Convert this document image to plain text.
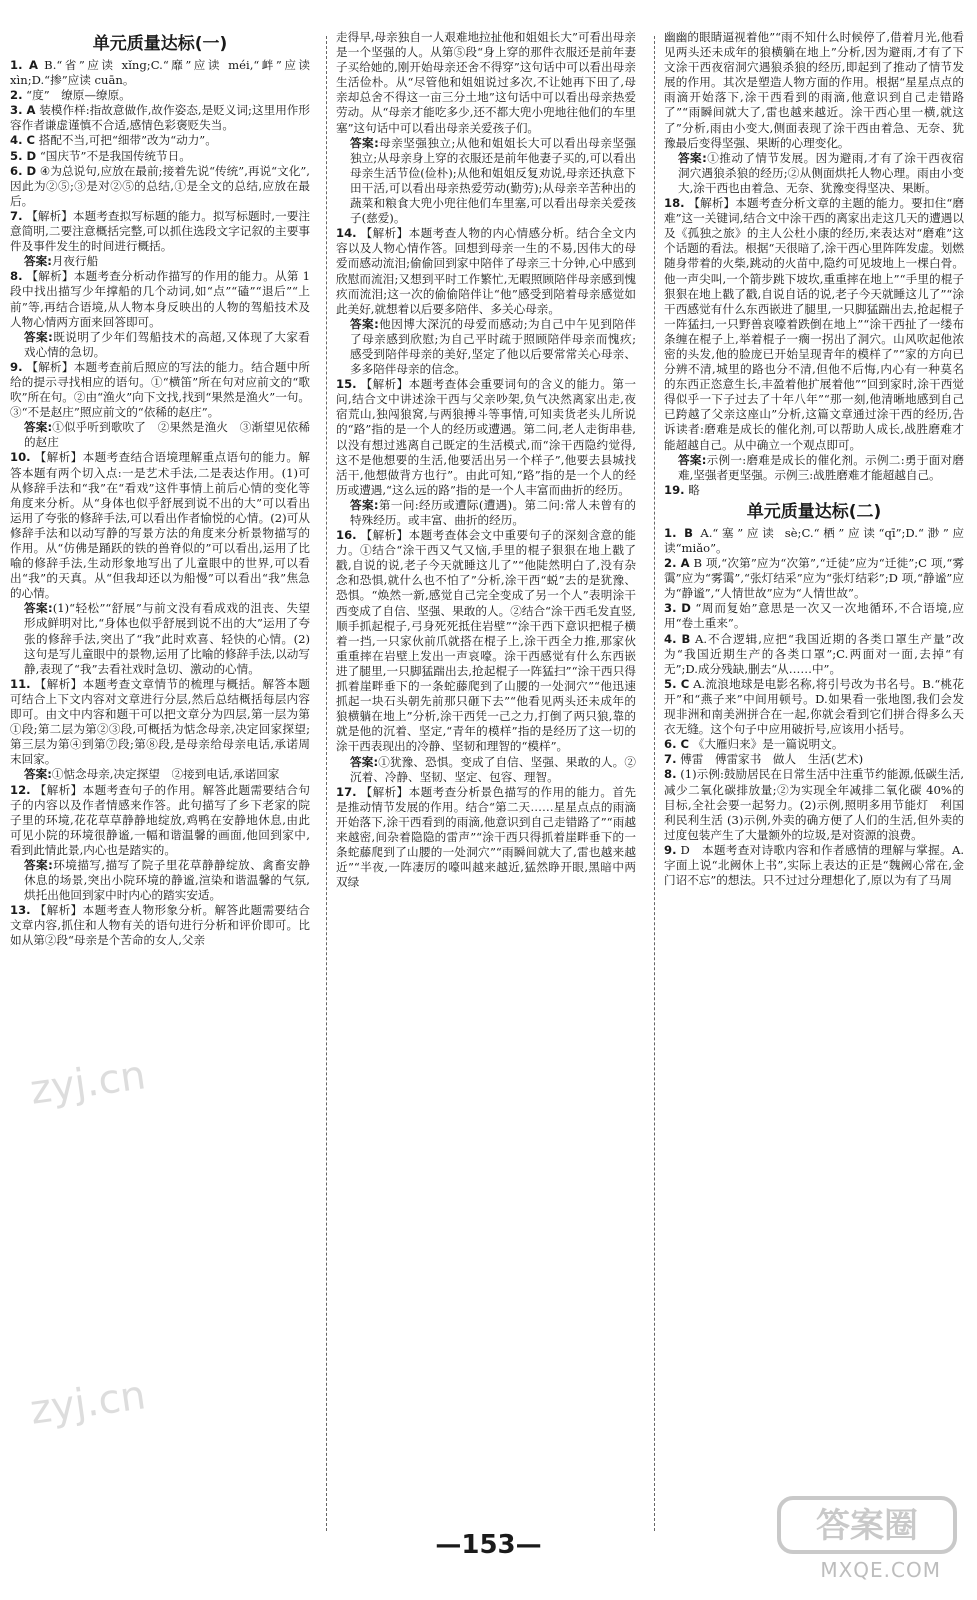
单元质量达标(一)

1. A B.“省”应读 xǐng;C.“靡”应读 méi,“衅”应读 xìn;D.“掺”应读 cuān。

2. “度”　缭原—缭原。

3. A 装模作样:指故意做作,故作姿态,是贬义词;这里用作形容作者谦虚谨慎不合适,感情色彩褒贬失当。

4. C 搭配不当,可把“细带”改为“动力”。

5. D “国庆节”不是我国传统节日。

6. D ④为总说句,应放在最前;接着先说“传统”,再说“文化”,因此为②⑤;③是对②⑤的总结,①是全文的总结,应放在最后。

7. 【解析】本题考查拟写标题的能力。拟写标题时,一要注意简明,二要注意概括完整,可以抓住选段文字记叙的主要事件及事件发生的时间进行概括。

答案:月夜行船

8. 【解析】本题考查分析动作描写的作用的能力。从第 1 段中找出描写少年撑船的几个动词,如“点”“磕”“退后”“上前”等,再结合语境,从人物本身反映出的人物的驾船技术及人物心情两方面来回答即可。

答案:既说明了少年们驾船技术的高超,又体现了大家看戏心情的急切。

9. 【解析】本题考查前后照应的写法的能力。结合题中所给的提示寻找相应的语句。①“横笛”所在句对应前文的“歌吹”所在句。②由“渔火”向下文找,找到“果然是渔火”一句。③“不是赵庄”照应前文的“依稀的赵庄”。

答案:①似乎听到歌吹了　②果然是渔火　③渐望见依稀的赵庄

10. 【解析】本题考查结合语境理解重点语句的能力。解答本题有两个切入点:一是艺术手法,二是表达作用。(1)可从修辞手法和“我”在“看戏”这件事情上前后心情的变化等角度来分析。从“身体也似乎舒展到说不出的大”可以看出运用了夸张的修辞手法,可以看出作者愉悦的心情。(2)可从修辞手法和以动写静的写景方法的角度来分析景物描写的作用。从“仿佛是踊跃的铁的兽脊似的”可以看出,运用了比喻的修辞手法,生动形象地写出了儿童眼中的世界,可以看出“我”的天真。从“但我却还以为船慢”可以看出“我”焦急的心情。

答案:(1)“轻松”“舒展”与前文没有看成戏的沮丧、失望形成鲜明对比,“身体也似乎舒展到说不出的大”运用了夸张的修辞手法,突出了“我”此时欢喜、轻快的心情。(2)这句是写儿童眼中的景物,运用了比喻的修辞手法,以动写静,表现了“我”去看社戏时急切、激动的心情。

11. 【解析】本题考查文章情节的梳理与概括。解答本题可结合上下文内容对文章进行分层,然后总结概括每层内容即可。由文中内容和题干可以把文章分为四层,第一层为第①段;第二层为第②③段,可概括为惦念母亲,决定回家探望;第三层为第④到第⑦段;第⑧段,是母亲给母亲电话,承诺周末回家。

答案:①惦念母亲,决定探望　②接到电话,承诺回家

12. 【解析】本题考查句子的作用。解答此题需要结合句子的内容以及作者情感来作答。此句描写了乡下老家的院子里的环境,花花草草静静地绽放,鸡鸭在安静地休息,由此可见小院的环境很静谧,一幅和谐温馨的画面,他回到家中,看到此情此景,内心也是踏实的。

答案:环境描写,描写了院子里花草静静绽放、禽畜安静休息的场景,突出小院环境的静谧,渲染和谐温馨的气氛,烘托出他回到家中时内心的踏实安适。

13. 【解析】本题考查人物形象分析。解答此题需要结合文章内容,抓住和人物有关的语句进行分析和评价即可。比如从第②段“母亲是个苦命的女人,父亲

走得早,母亲独自一人艰难地拉扯他和姐姐长大”可看出母亲是一个坚强的人。从第⑤段“身上穿的那件衣服还是前年妻子买给她的,刚开始母亲还舍不得穿”这句话中可以看出母亲生活俭朴。从“尽管他和姐姐说过多次,不让她再下田了,母亲却总舍不得这一亩三分土地”这句话中可以看出母亲热爱劳动。从“母亲才能吃多少,还不都大兜小兜地往他们的车里塞”这句话中可以看出母亲关爱孩子们。

答案:母亲坚强独立;从他和姐姐长大可以看出母亲坚强独立;从母亲身上穿的衣服还是前年他妻子买的,可以看出母亲生活节俭(俭朴);从他和姐姐反复劝说,母亲还执意下田干活,可以看出母亲热爱劳动(勤劳);从母亲辛苦种出的蔬菜和粮食大兜小兜往他们车里塞,可以看出母亲关爱孩子(慈爱)。

14. 【解析】本题考查人物的内心情感分析。结合全文内容以及人物心情作答。回想到母亲一生的不易,因伟大的母爱而感动流泪;偷偷回到家中陪伴了母亲三十分钟,心中感到欣慰而流泪;又想到平时工作繁忙,无暇照顾陪伴母亲感到愧疚而流泪;这一次的偷偷陪伴让“他”感受到陪着母亲感觉如此美好,就想着以后要多陪伴、多关心母亲。

答案:他因博大深沉的母爱而感动;为自己中午见到陪伴了母亲感到欣慰;为自己平时疏于照顾陪伴母亲而愧疚;感受到陪伴母亲的美好,坚定了他以后要常常关心母亲、多多陪伴母亲的信念。

15. 【解析】本题考查体会重要词句的含义的能力。第一问,结合文中讲述涂干西与父亲吵架,负气决然离家出走,夜宿荒山,独闯狼窝,与两狼搏斗等事情,可知卖货老头儿所说的“路”指的是一个人的经历或遭遇。第二问,老人走街串巷,以没有想过逃离自己既定的生活模式,而“涂干西隐约觉得,这不是他想要的生活,他要活出另一个样子”,他要去县城找活干,他想做背方也行”。由此可知,“路”指的是一个人的经历或遭遇,“这么远的路”指的是一个人丰富而曲折的经历。

答案:第一问:经历或遭际(遭遇)。第二问:常人未曾有的特殊经历。或丰富、曲折的经历。

16. 【解析】本题考查体会文中重要句子的深刻含意的能力。①结合“涂干西又气又恼,手里的棍子狠狠在地上戳了戳,自说的说,老子今天就睡这儿了”“他陡然明白了,没有杂念和恐惧,就什么也不怕了”分析,涂干西“蜕”去的是犹豫、恐惧。“焕然一新,感觉自己完全变成了另一个人”表明涂干西变成了自信、坚强、果敢的人。②结合“涂干西毛发直竖,顺手抓起棍子,弓身死死抵住岩壁”“涂干西下意识把棍子横着一挡,一只家伙前爪就搭在棍子上,涂干西全力推,那家伙重重摔在岩壁上发出一声哀嚎。涂干西感觉有什么东西嵌进了腿里,一只脚猛踹出去,抢起棍子一阵猛扫”“涂干西只得抓着崖畔垂下的一条蛇藤爬到了山腰的一处洞穴”“他迅速抓起一块石头朝先前那只砸下去”“他看见两头还未成年的狼横躺在地上”分析,涂干西凭一己之力,打倒了两只狼,靠的就是他的沉着、坚定,“青年的模样”指的是经历了这一切的涂干西表现出的冷静、坚韧和理智的“模样”。

答案:①犹豫、恐惧。变成了自信、坚强、果敢的人。②沉着、冷静、坚韧、坚定、包容、理智。

17. 【解析】本题考查分析景色描写的作用的能力。首先是推动情节发展的作用。结合“第二天……星星点点的雨滴开始落下,涂干西看到的雨滴,他意识到自己走错路了”“雨越来越密,间杂着隐隐的雷声”“涂干西只得抓着崖畔垂下的一条蛇藤爬到了山腰的一处洞穴”“雨瞬间就大了,雷也越来越近”“半夜,一阵凄厉的嚎叫越来越近,猛然睁开眼,黑暗中两双绿

幽幽的眼睛逼视着他”“雨不知什么时候停了,借着月光,他看见两头还未成年的狼横躺在地上”分析,因为避雨,才有了下文涂干西夜宿洞穴遇狼杀狼的经历,即起到了推动了情节发展的作用。其次是塑造人物方面的作用。根据“星星点点的雨滴开始落下,涂干西看到的雨滴,他意识到自己走错路了”“雨瞬间就大了,雷也越来越近。涂干西心里一横,就这了”分析,雨由小变大,侧面表现了涂干西由着急、无奈、犹豫最后变得坚强、果断的心理变化。

答案:①推动了情节发展。因为避雨,才有了涂干西夜宿洞穴遇狼杀狼的经历;②从侧面烘托人物心理。雨由小变大,涂干西也由着急、无奈、犹豫变得坚决、果断。

18. 【解析】本题考查分析文章的主题的能力。要扣住“磨难”这一关键词,结合文中涂干西的离家出走这几天的遭遇以及《孤独之旅》的主人公杜小康的经历,来表达对“磨难”这个话题的看法。根据“天很暗了,涂干西心里阵阵发虚。划燃随身带着的火柴,跳动的火苗中,隐约可见坡地上一棵白骨。他一声尖叫,一个箭步跳下坡坎,重重摔在地上”“手里的棍子狠狠在地上戳了戳,自说自话的说,老子今天就睡这儿了”“涂干西感觉有什么东西嵌进了腿里,一只脚猛踹出去,抢起棍子一阵猛扫,一只野兽哀嚎着跌倒在地上”“涂干西扯了一缕布条缠在棍子上,举着棍子一瘸一拐出了洞穴。山风吹起他浓密的头发,他的脸庞已开始呈现青年的模样了”“家的方向已分辨不清,城里的路也分不清,但他不后悔,内心有一种莫名的东西正恣意生长,丰盈着他扩展着他”“回到家时,涂干西觉得似乎一下子过去了十年八年”“那一刻,他清晰地感到自己已跨越了父亲这座山”分析,这篇文章通过涂干西的经历,告诉读者:磨难是成长的催化剂,可以帮助人成长,战胜磨难才能超越自己。从中确立一个观点即可。

答案:示例一:磨难是成长的催化剂。示例二:勇于面对磨难,坚强者更坚强。示例三:战胜磨难才能超越自己。

19. 略

单元质量达标(二)

1. B A.“塞”应读 sè;C.“栖”应读“qī”;D.“渺”应读“miǎo”。

2. A B 项,“次第”应为“次第”,“迁徒”应为“迁徙”;C 项,“雾霭”应为“雾霭”,“张灯结采”应为“张灯结彩”;D 项,“静谧”应为“静谧”,“人情世故”应为“人情世故”。

3. D “周而复始”意思是一次又一次地循环,不合语境,应用“卷土重来”。

4. B A.不合逻辑,应把“我国近期的各类口罩生产量”改为“我国近期生产的各类口罩”;C.两面对一面,去掉“有无”;D.成分残缺,删去“从……中”。

5. C A.流浪地球是电影名称,将引号改为书名号。B.“桃花开”和“燕子来”中间用顿号。D.如果看一张地图,我们会发现非洲和南美洲拼合在一起,你就会看到它们拼合得多么天衣无缝。这个句子中应用破折号,应该用小括号。

6. C 《大雁归来》是一篇说明文。

7. 傅雷　傅雷家书　做人　生活(艺术)

8. (1)示例:鼓励居民在日常生活中注重节约能源,低碳生活,减少二氧化碳排放量;②为实现全年减排二氧化碳 40%的目标,全社会要一起努力。(2)示例,照明多用节能灯　利国利民利生活 (3)示例,外卖的确方便了人们的生活,但外卖的过度包装产生了大量额外的垃圾,是对资源的浪费。

9. D　本题考查对诗歌内容和作者感情的理解与掌握。A.字面上说“北阙休上书”,实际上表达的正是“魏阙心常在,金门诏不忘”的想法。只不过过分理想化了,原以为有了马周

zyj.cn
zyj.cn
—153—	答案圈
MXQE.COM
